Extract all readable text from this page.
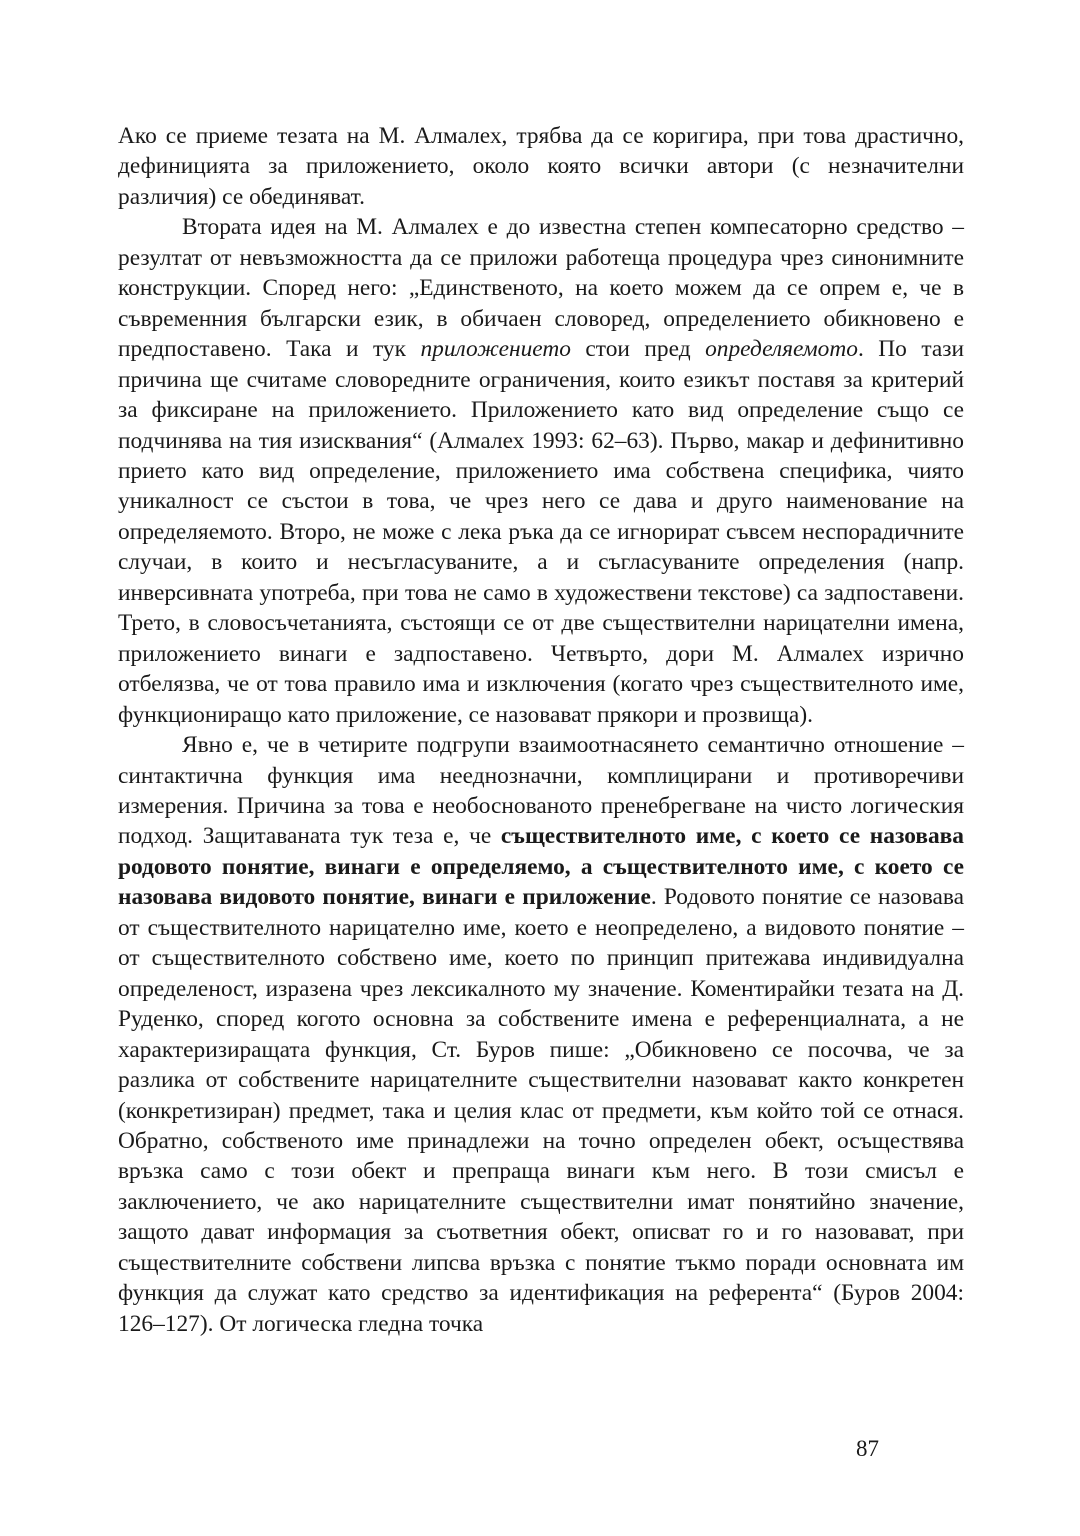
Ако се приеме тезата на М. Алмалех, трябва да се коригира, при това драстично, дефиницията за приложението, около която всички автори (с незначителни различия) се обединяват.

Втората идея на М. Алмалех е до известна степен компесаторно средство – резултат от невъзможността да се приложи работеща процедура чрез синонимните конструкции. Според него: „Единственото, на което можем да се опрем е, че в съвременния български език, в обичаен словоред, определението обикновено е предпоставено. Така и тук приложението стои пред определяемото. По тази причина ще считаме словоредните ограничения, които езикът поставя за критерий за фиксиране на приложението. Приложението като вид определение също се подчинява на тия изисквания“ (Алмалех 1993: 62–63). Първо, макар и дефинитивно прието като вид определение, приложението има собствена специфика, чиято уникалност се състои в това, че чрез него се дава и друго наименование на определяемото. Второ, не може с лека ръка да се игнорират съвсем неспорадичните случаи, в които и несъгласуваните, а и съгласуваните определения (напр. инверсивната употреба, при това не само в художествени текстове) са задпоставени. Трето, в словосъчетанията, състоящи се от две съществителни нарицателни имена, приложението винаги е задпоставено. Четвърто, дори М. Алмалех изрично отбелязва, че от това правило има и изключения (когато чрез съществителното име, функциониращо като приложение, се назовават прякори и прозвища).

Явно е, че в четирите подгрупи взаимоотнасянето семантично отношение – синтактична функция има нееднозначни, комплицирани и противоречиви измерения. Причина за това е необоснованото пренебрегване на чисто логическия подход. Защитаваната тук теза е, че съществителното име, с което се назовава родовото понятие, винаги е определяемо, а съществителното име, с което се назовава видовото понятие, винаги е приложение. Родовото понятие се назовава от съществителното нарицателно име, което е неопределено, а видовото понятие – от съществителното собствено име, което по принцип притежава индивидуална определеност, изразена чрез лексикалното му значение. Коментирайки тезата на Д. Руденко, според когото основна за собствените имена е референциалната, а не характеризиращата функция, Ст. Буров пише: „Обикновено се посочва, че за разлика от собствените нарицателните съществителни назовават както конкретен (конкретизиран) предмет, така и целия клас от предмети, към който той се отнася. Обратно, собственото име принадлежи на точно определен обект, осъществява връзка само с този обект и препраща винаги към него. В този смисъл е заключението, че ако нарицателните съществителни имат понятийно значение, защото дават информация за съответния обект, описват го и го назовават, при съществителните собствени липсва връзка с понятие тъкмо поради основната им функция да служат като средство за идентификация на референта“ (Буров 2004: 126–127). От логическа гледна точка

87
